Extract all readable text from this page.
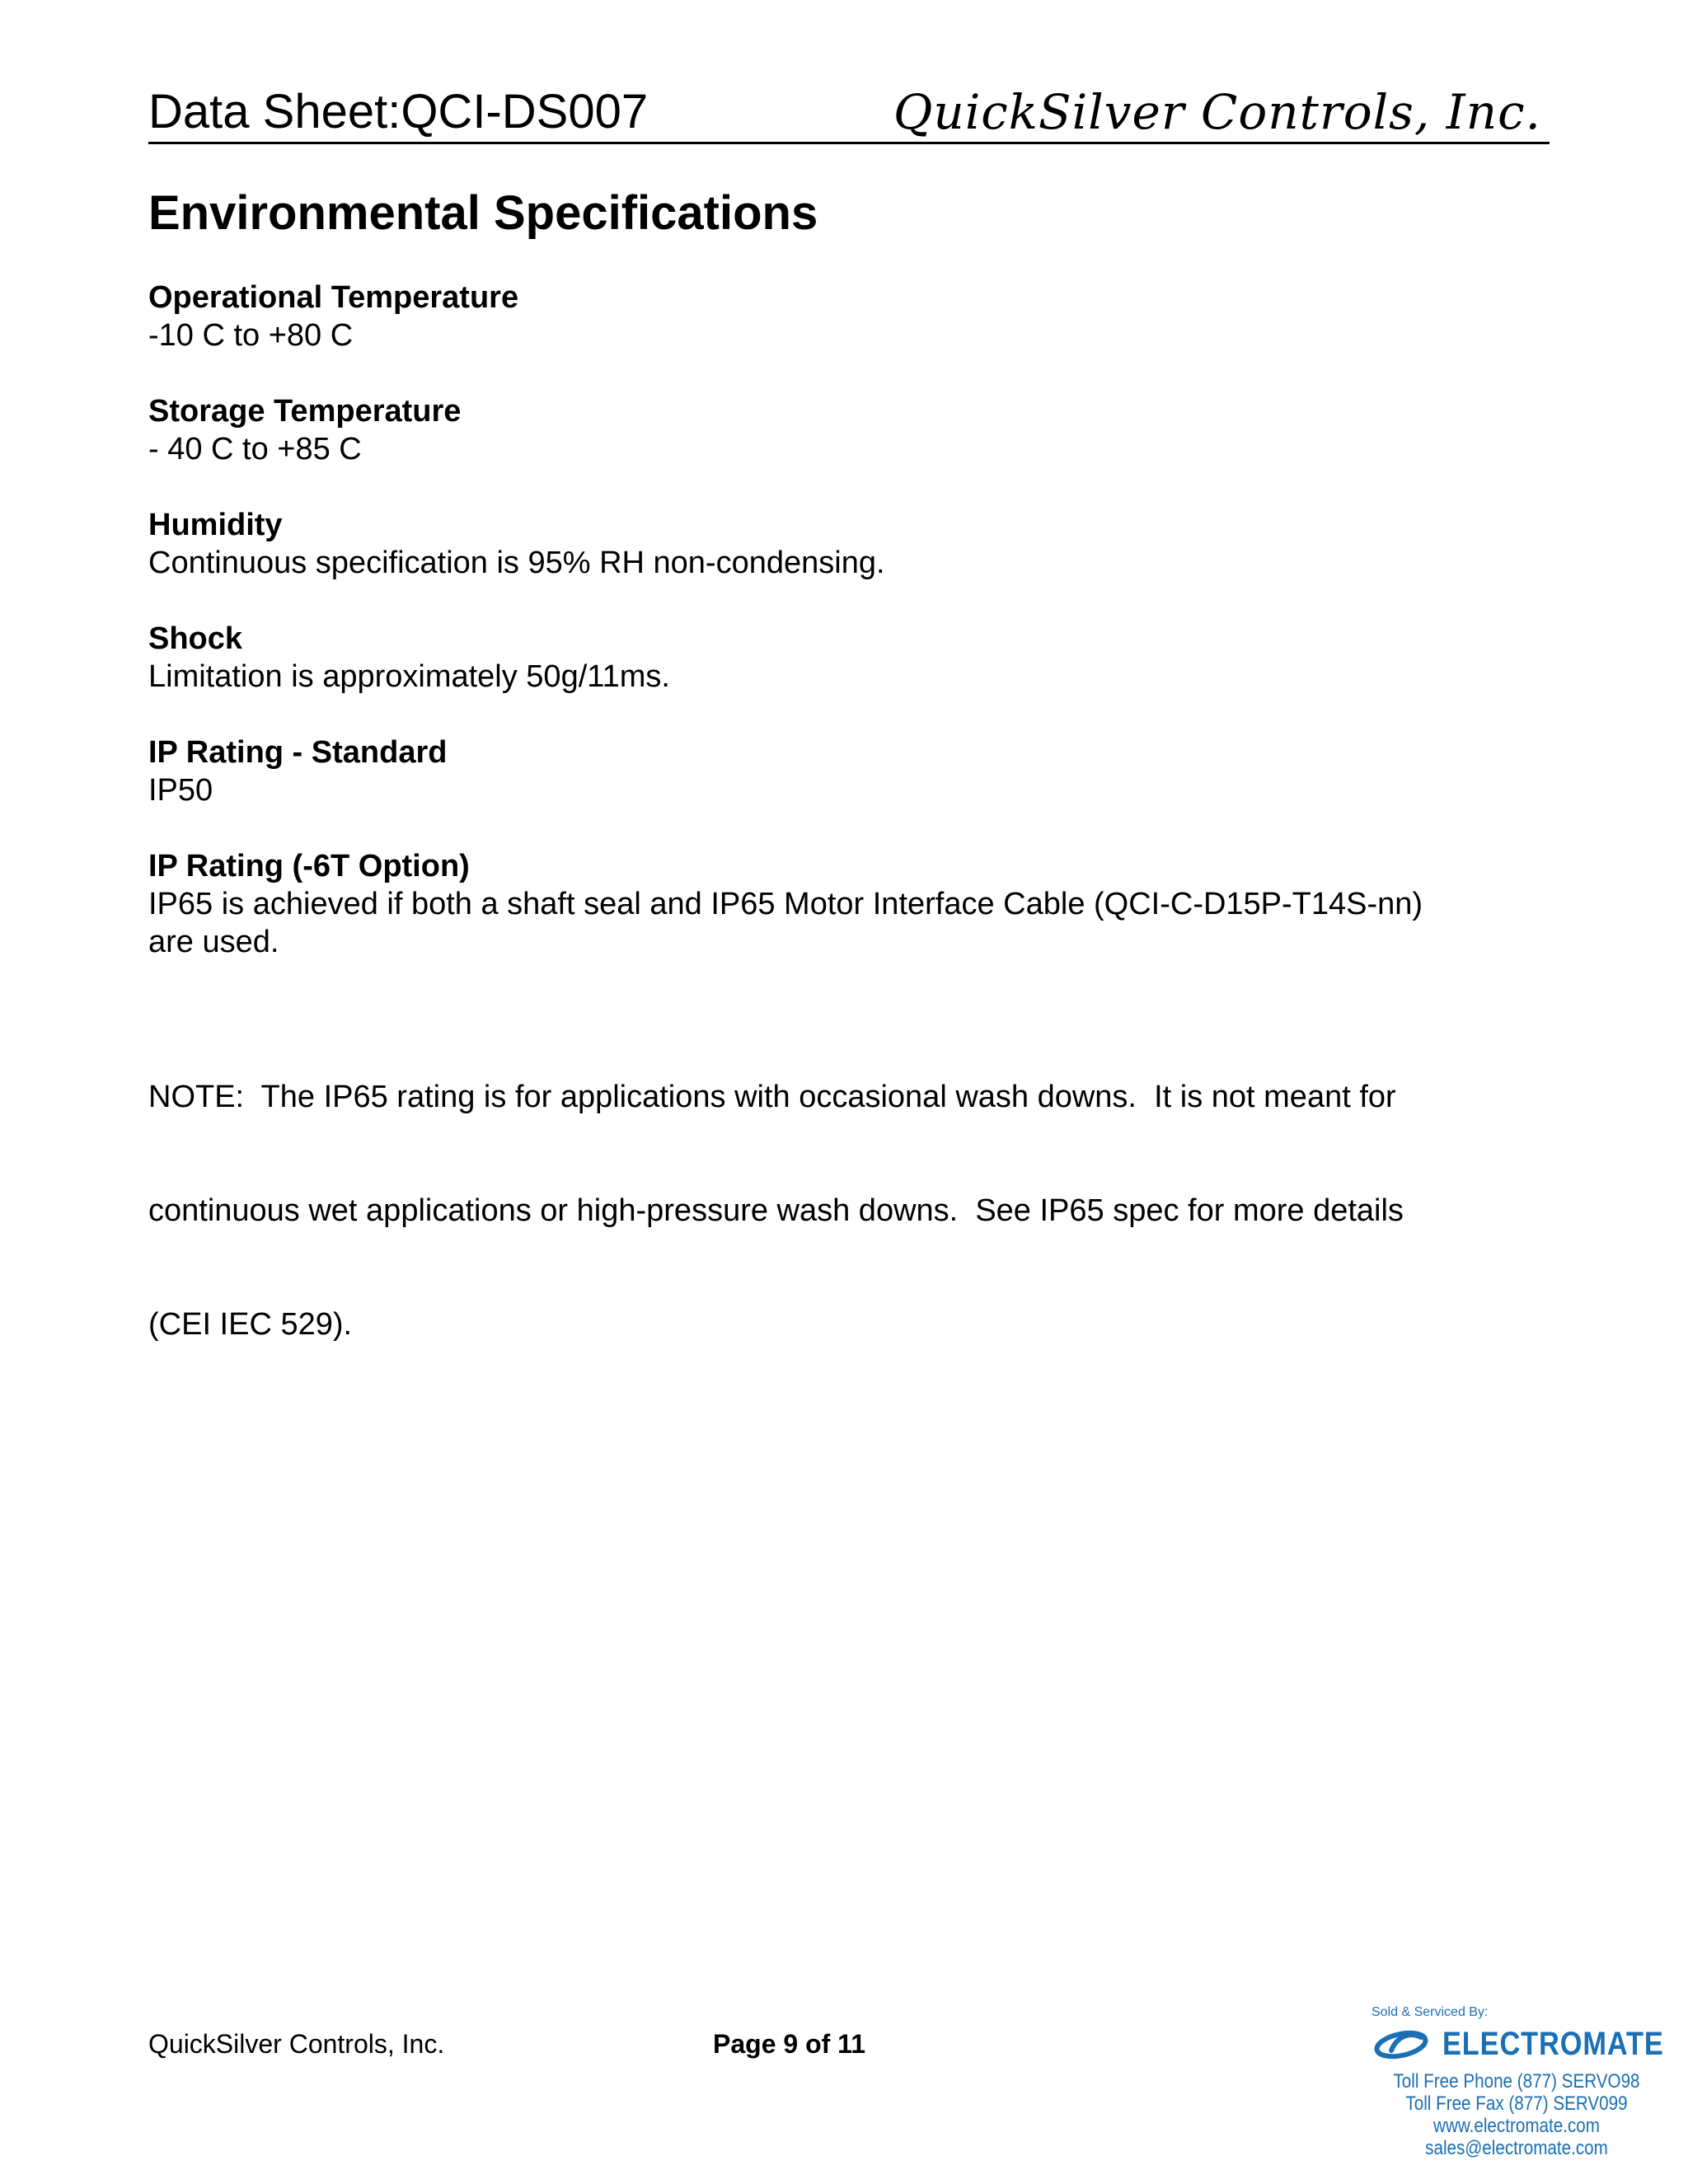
Data Sheet:QCI-DS007	QuickSilver Controls, Inc.
Environmental Specifications
Operational Temperature

-10 C to +80 C

Storage Temperature

- 40 C to +85 C

Humidity

Continuous specification is 95% RH non-condensing.

Shock

Limitation is approximately 50g/11ms.

IP Rating - Standard

IP50

IP Rating (-6T Option)

IP65 is achieved if both a shaft seal and IP65 Motor Interface Cable (QCI-C-D15P-T14S-nn)

are used.

NOTE:  The IP65 rating is for applications with occasional wash downs.  It is not meant for

continuous wet applications or high-pressure wash downs.  See IP65 spec for more details

(CEI IEC 529).

QuickSilver Controls, Inc.	Page 9 of 11
Sold & Serviced By:
ELECTROMATE
Toll Free Phone (877) SERVO98
Toll Free Fax (877) SERV099
www.electromate.com
sales@electromate.com
